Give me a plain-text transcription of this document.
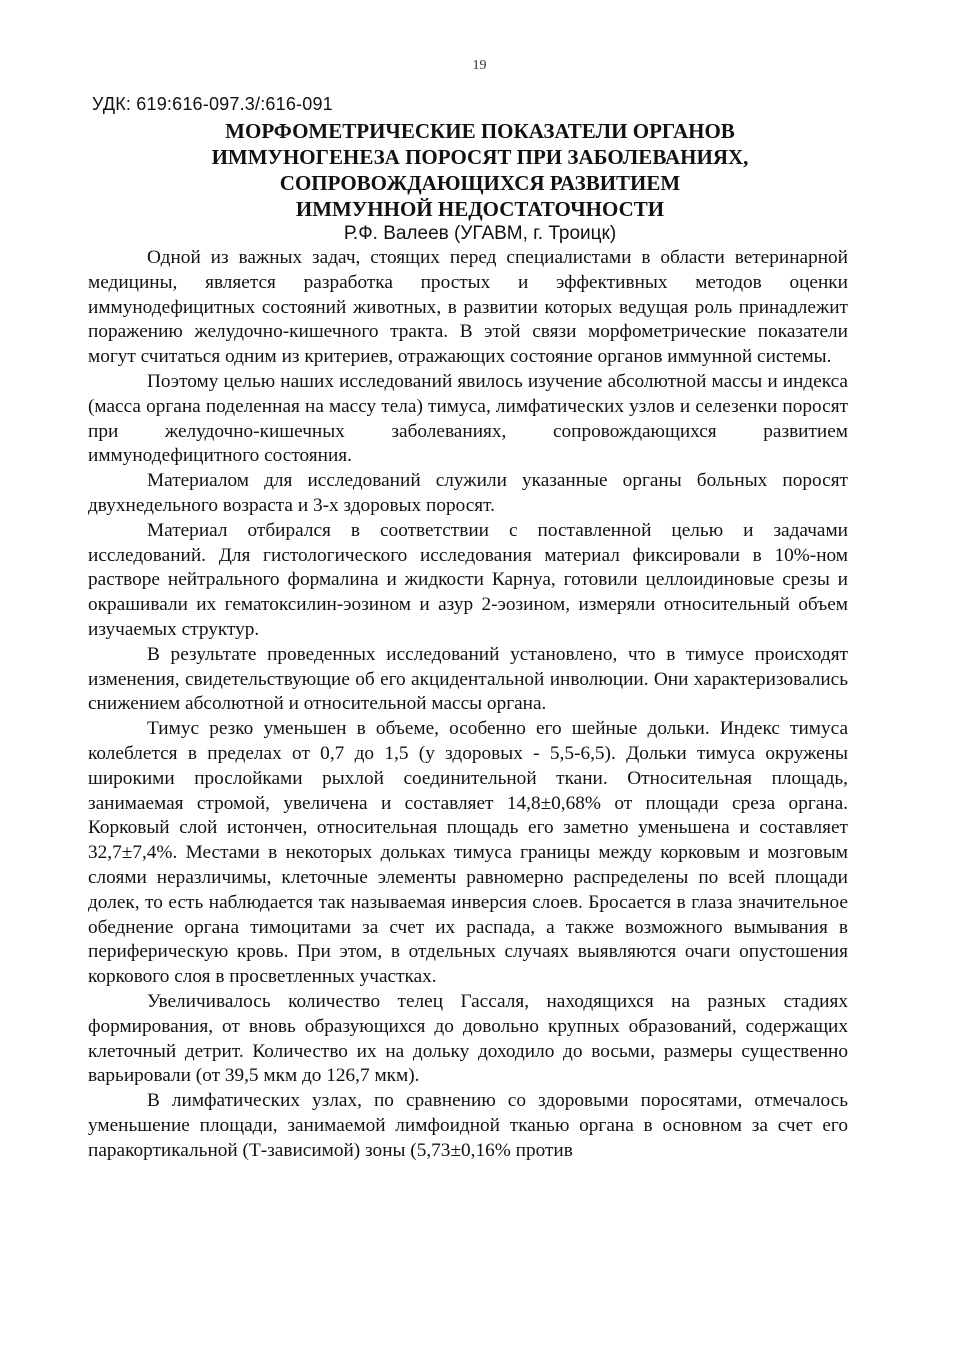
19
УДК: 619:616-097.3/:616-091
МОРФОМЕТРИЧЕСКИЕ ПОКАЗАТЕЛИ ОРГАНОВ
ИММУНОГЕНЕЗА ПОРОСЯТ ПРИ ЗАБОЛЕВАНИЯХ,
СОПРОВОЖДАЮЩИХСЯ РАЗВИТИЕМ
ИММУННОЙ НЕДОСТАТОЧНОСТИ
Р.Ф. Валеев (УГАВМ, г. Троицк)

Одной из важных задач, стоящих перед специалистами в области ветеринарной медицины, является разработка простых и эффективных методов оценки иммунодефицитных состояний животных, в развитии которых ведущая роль принадлежит поражению желудочно-кишечного тракта. В этой связи морфометрические показатели могут считаться одним из критериев, отражающих состояние органов иммунной системы.

Поэтому целью наших исследований явилось изучение абсолютной массы и индекса (масса органа поделенная на массу тела) тимуса, лимфатических узлов и селезенки поросят при желудочно-кишечных заболеваниях, сопровождающихся развитием иммунодефицитного состояния.

Материалом для исследований служили указанные органы больных поросят двухнедельного возраста и 3-х здоровых поросят.

Материал отбирался в соответствии с поставленной целью и задачами исследований. Для гистологического исследования материал фиксировали в 10%-ном растворе нейтрального формалина и жидкости Карнуа, готовили целлоидиновые срезы и окрашивали их гематоксилин-эозином и азур 2-эозином, измеряли относительный объем изучаемых структур.

В результате проведенных исследований установлено, что в тимусе происходят изменения, свидетельствующие об его акцидентальной инволюции. Они характеризовались снижением абсолютной и относительной массы органа.

Тимус резко уменьшен в объеме, особенно его шейные дольки. Индекс тимуса колеблется в пределах от 0,7 до 1,5 (у здоровых - 5,5-6,5). Дольки тимуса окружены широкими прослойками рыхлой соединительной ткани. Относительная площадь, занимаемая стромой, увеличена и составляет 14,8±0,68% от площади среза органа. Корковый слой истончен, относительная площадь его заметно уменьшена и составляет 32,7±7,4%. Местами в некоторых дольках тимуса границы между корковым и мозговым слоями неразличимы, клеточные элементы равномерно распределены по всей площади долек, то есть наблюдается так называемая инверсия слоев. Бросается в глаза значительное обеднение органа тимоцитами за счет их распада, а также возможного вымывания в периферическую кровь. При этом, в отдельных случаях выявляются очаги опустошения коркового слоя в просветленных участках.

Увеличивалось количество телец Гассаля, находящихся на разных стадиях формирования, от вновь образующихся до довольно крупных образований, содержащих клеточный детрит. Количество их на дольку доходило до восьми, размеры существенно варьировали (от 39,5 мкм до 126,7 мкм).

В лимфатических узлах, по сравнению со здоровыми поросятами, отмечалось уменьшение площади, занимаемой лимфоидной тканью органа в основном за счет его паракортикальной (Т-зависимой) зоны (5,73±0,16% против
